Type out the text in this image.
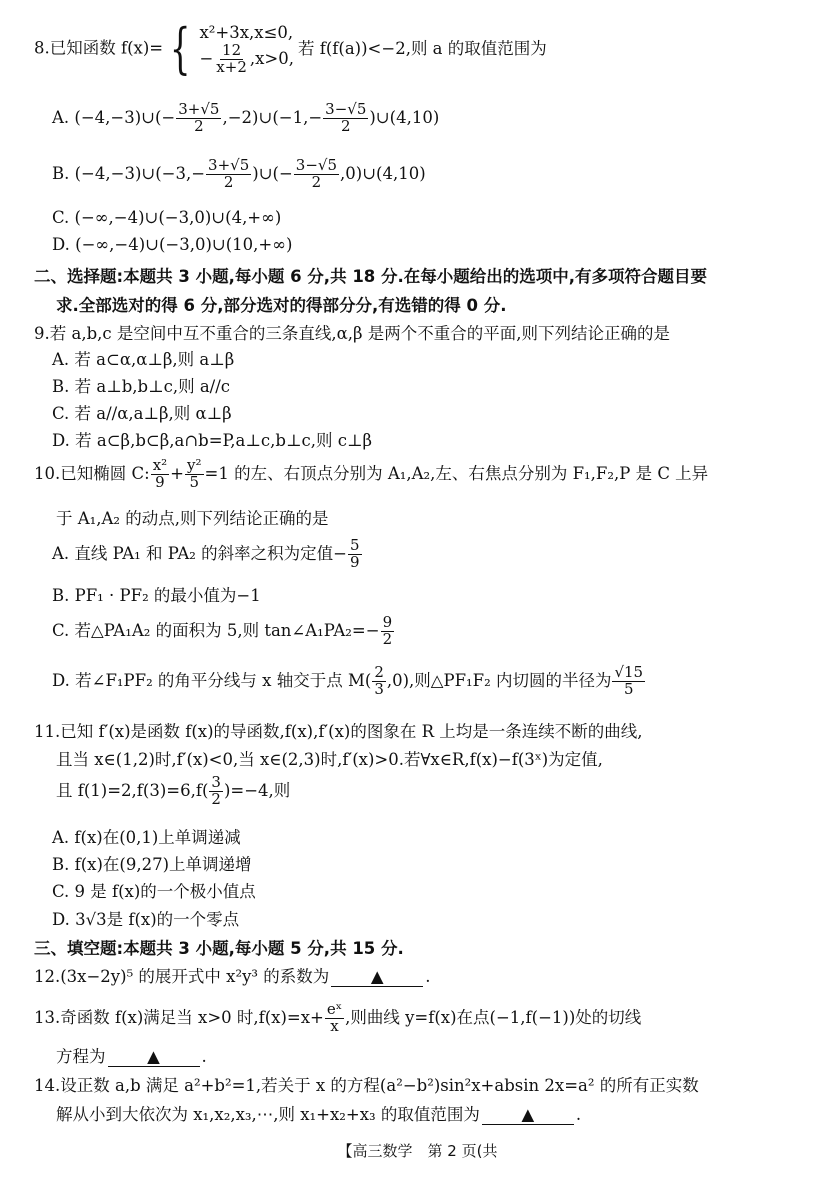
8.已知函数 f(x)= { x²+3x,x≤0,
− $\frac{12}{x+2} ,x>0$,
若 f(f(a))<−2,则 a 的取值范围为
A. (−4,−3)∪(− $\frac{3+√5}{2}$ ,−2)∪(−1,− $\frac{3-√5}{2}$ )∪(4,10)
B. (−4,−3)∪(−3,− $\frac{3+√5}{2}$ )∪(− $\frac{3-√5}{2}$ ,0)∪(4,10)
C. (−∞,−4)∪(−3,0)∪(4,+∞)
D. (−∞,−4)∪(−3,0)∪(10,+∞)
二、选择题:本题共 3 小题,每小题 6 分,共 18 分.在每小题给出的选项中,有多项符合题目要
求.全部选对的得 6 分,部分选对的得部分分,有选错的得 0 分.
9.若 a,b,c 是空间中互不重合的三条直线,α,β 是两个不重合的平面,则下列结论正确的是
A. 若 a⊂α,α⊥β,则 a⊥β
B. 若 a⊥b,b⊥c,则 a//c
C. 若 a//α,a⊥β,则 α⊥β
D. 若 a⊂β,b⊂β,a∩b=P,a⊥c,b⊥c,则 c⊥β
10.已知椭圆 C: $\frac{\text{x²}}{9} + \frac{\text{y²}}{5} =1$ 的左、右顶点分别为 A₁,A₂,左、右焦点分别为 F₁,F₂,P 是 C 上异
于 A₁,A₂ 的动点,则下列结论正确的是
A. 直线 PA₁ 和 PA₂ 的斜率之积为定值− $\frac{5}{9}$
B. PF₁ · PF₂ 的最小值为−1
C. 若△PA₁A₂ 的面积为 5,则 tan∠A₁PA₂=− $\frac{9}{2}$
D. 若∠F₁PF₂ 的角平分线与 x 轴交于点 $M( \frac{2}{3} ,0)$,则△PF₁F₂ 内切圆的半径为 $\frac{√15}{5}$
11.已知 f′(x)是函数 f(x)的导函数,f(x),f′(x)的图象在 R 上均是一条连续不断的曲线,
且当 x∈(1,2)时,f′(x)<0,当 x∈(2,3)时,f′(x)>0.若∀x∈R,f(x)−f(3ˣ)为定值,
且 $f(1)=2,f(3)=6,f( \frac{3}{2} )=-4$,则
A. f(x)在(0,1)上单调递减
B. f(x)在(9,27)上单调递增
C. 9 是 f(x)的一个极小值点
D. 3√3是 f(x)的一个零点
三、填空题:本题共 3 小题,每小题 5 分,共 15 分.
12.(3x−2y)⁵ 的展开式中 x²y³ 的系数为	▲	.
13.奇函数 f(x)满足当 x>0 时$,f(x)=x+ \frac{\text{eˣ}}{x}$ ,则曲线 y=f(x)在点(−1,f(−1))处的切线
方程为	▲	.
14.设正数 a,b 满足 a²+b²=1,若关于 x 的方程(a²−b²)sin²x+absin 2x=a² 的所有正实数
解从小到大依次为 x₁,x₂,x₃,⋯,则 x₁+x₂+x₃ 的取值范围为	▲	.
【高三数学　第 2 页(共
